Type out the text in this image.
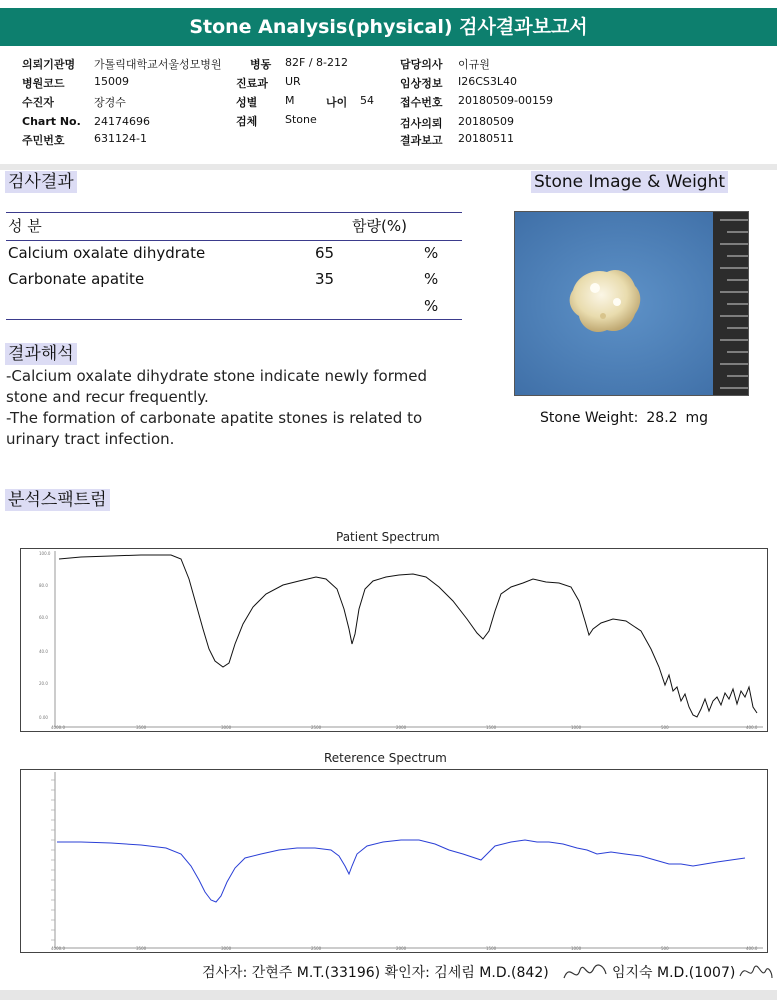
Stone Analysis(physical) 검사결과보고서
의뢰기관명 가톨릭대학교서울성모병원	병동 82F / 8-212	담당의사 이규원
병원코드	15009	진료과 UR	임상정보 I26CS3L40
수진자	장경수	성별	M	나이 54 접수번호 20180509-00159
Chart No. 24174696	검체	Stone	검사의뢰 20180509
주민번호	631124-1	결과보고 20180511
검사결과	Stone Image & Weight
성 분	함량(%)
Calcium oxalate dihydrate	65	%
Carbonate apatite	35	%
%
Stone Weight: 28.2 mg
결과해석
-Calcium oxalate dihydrate stone indicate newly formed stone and recur frequently.
-The formation of carbonate apatite stones is related to urinary tract infection.
분석스팩트럼
Patient Spectrum
100.0
80.0
60.0
40.0
20.0
0.00
4000.0	3500	3000	2500	2000	1500	1000	500	400.0
Reterence Spectrum
4000.0	3500	3000	2500	2000	1500	1000	500	400.0
검사자: 간현주 M.T.(33196) 확인자: 김세림 M.D.(842)	임지숙 M.D.(1007)
